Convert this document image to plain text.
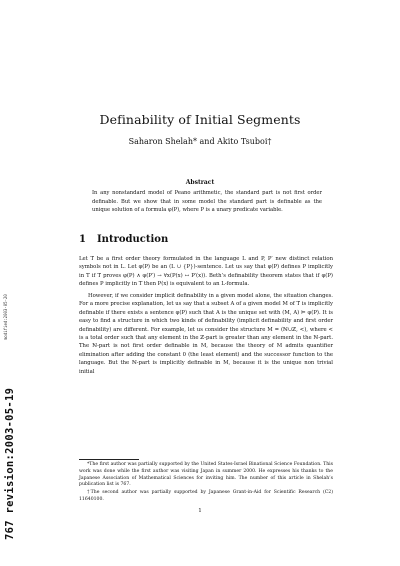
767 revision:2003-05-19
modified:2003-05-20
Definability of Initial Segments
Saharon Shelah* and Akito Tsuboi†
Abstract
In any nonstandard model of Peano arithmetic, the standard part is not first order definable. But we show that in some model the standard part is definable as the unique solution of a formula φ(P), where P is a unary predicate variable.
1 Introduction
Let T be a first order theory formulated in the language L and P, P′ new distinct relation symbols not in L. Let φ(P) be an (L ∪ {P})-sentence. Let us say that φ(P) defines P implicitly in T if T proves φ(P) ∧ φ(P′) → ∀x(P(x) ↔ P′(x)). Beth’s definability theorem states that if φ(P) defines P implicitly in T then P(x) is equivalent to an L-formula.
However, if we consider implicit definability in a given model alone, the situation changes. For a more precise explanation, let us say that a subset A of a given model M of T is implicitly definable if there exists a sentence φ(P) such that A is the unique set with (M, A) ⊨ φ(P). It is easy to find a structure in which two kinds of definability (implicit definability and first order definability) are different. For example, let us consider the structure M = (ℕ∪ℤ, <), where < is a total order such that any element in the ℤ-part is greater than any element in the ℕ-part. The ℕ-part is not first order definable in M, because the theory of M admits quantifier elimination after adding the constant 0 (the least element) and the successor function to the language. But the ℕ-part is implicitly definable in M, because it is the unique non trivial initial
*The first author was partially supported by the United States-Israel Binational Science Foundation. This work was done while the first author was visiting Japan in summer 2000. He expresses his thanks to the Japanese Association of Mathematical Sciences for inviting him. The number of this article in Shelah’s publication list is 767.
†The second author was partially supported by Japanese Grant-in-Aid for Scientific Research (C2) 11640100.
1
